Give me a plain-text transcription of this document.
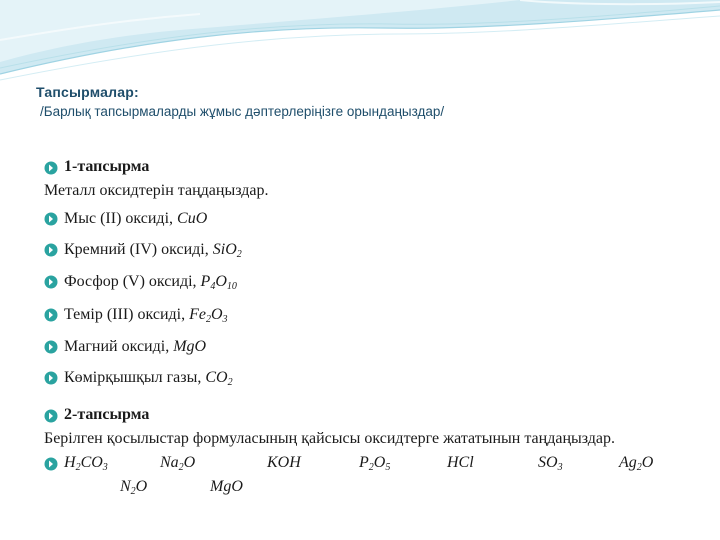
Тапсырмалар:
/Барлық тапсырмаларды жұмыс дәптерлеріңізге орындаңыздар/
1-тапсырма
Металл оксидтерін таңдаңыздар.
Мыс (II) оксиді, CuO
Кремний (IV) оксиді, SiO$_2$
Фосфор (V) оксиді, $P_4O_{10}$
Темір (III) оксиді, $Fe_2O_3$
Магний оксиді, MgO
Көмірқышқыл газы, $CO_2$
2-тапсырма
Берілген қосылыстар формуласының қайсысы оксидтерге жататынын таңдаңыздар.
$H_2CO_3$	$Na_2O$	KOH	$P_2O_5$	HCl	$SO_3$	$Ag_2O$
$N_2O$	MgO
